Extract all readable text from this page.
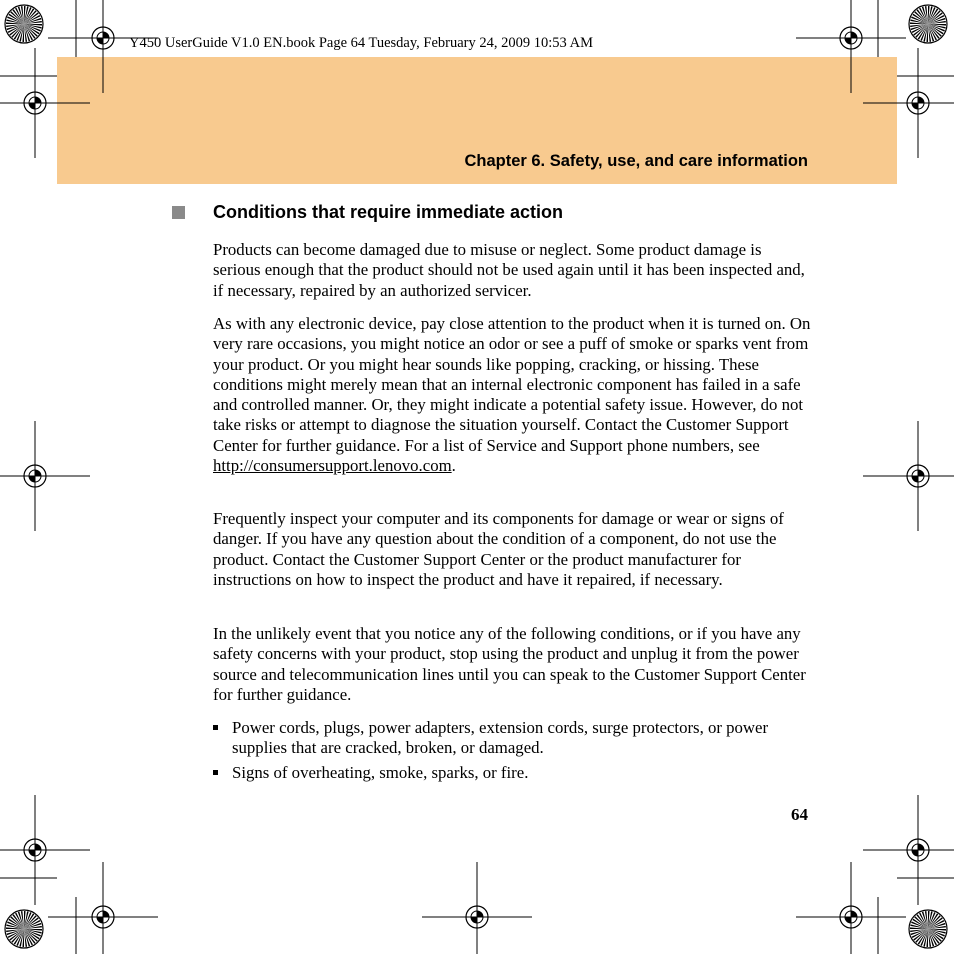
Y450 UserGuide V1.0 EN.book Page 64 Tuesday, February 24, 2009 10:53 AM
Chapter 6. Safety, use, and care information
Conditions that require immediate action

Products can become damaged due to misuse or neglect. Some product damage is serious enough that the product should not be used again until it has been inspected and, if necessary, repaired by an authorized servicer.

As with any electronic device, pay close attention to the product when it is turned on. On very rare occasions, you might notice an odor or see a puff of smoke or sparks vent from your product. Or you might hear sounds like popping, cracking, or hissing. These conditions might merely mean that an internal electronic component has failed in a safe and controlled manner. Or, they might indicate a potential safety issue. However, do not take risks or attempt to diagnose the situation yourself. Contact the Customer Support Center for further guidance. For a list of Service and Support phone numbers, see http://consumersupport.lenovo.com.

Frequently inspect your computer and its components for damage or wear or signs of danger. If you have any question about the condition of a component, do not use the product. Contact the Customer Support Center or the product manufacturer for instructions on how to inspect the product and have it repaired, if necessary.

In the unlikely event that you notice any of the following conditions, or if you have any safety concerns with your product, stop using the product and unplug it from the power source and telecommunication lines until you can speak to the Customer Support Center for further guidance.

Power cords, plugs, power adapters, extension cords, surge protectors, or power supplies that are cracked, broken, or damaged.
Signs of overheating, smoke, sparks, or fire.
64
